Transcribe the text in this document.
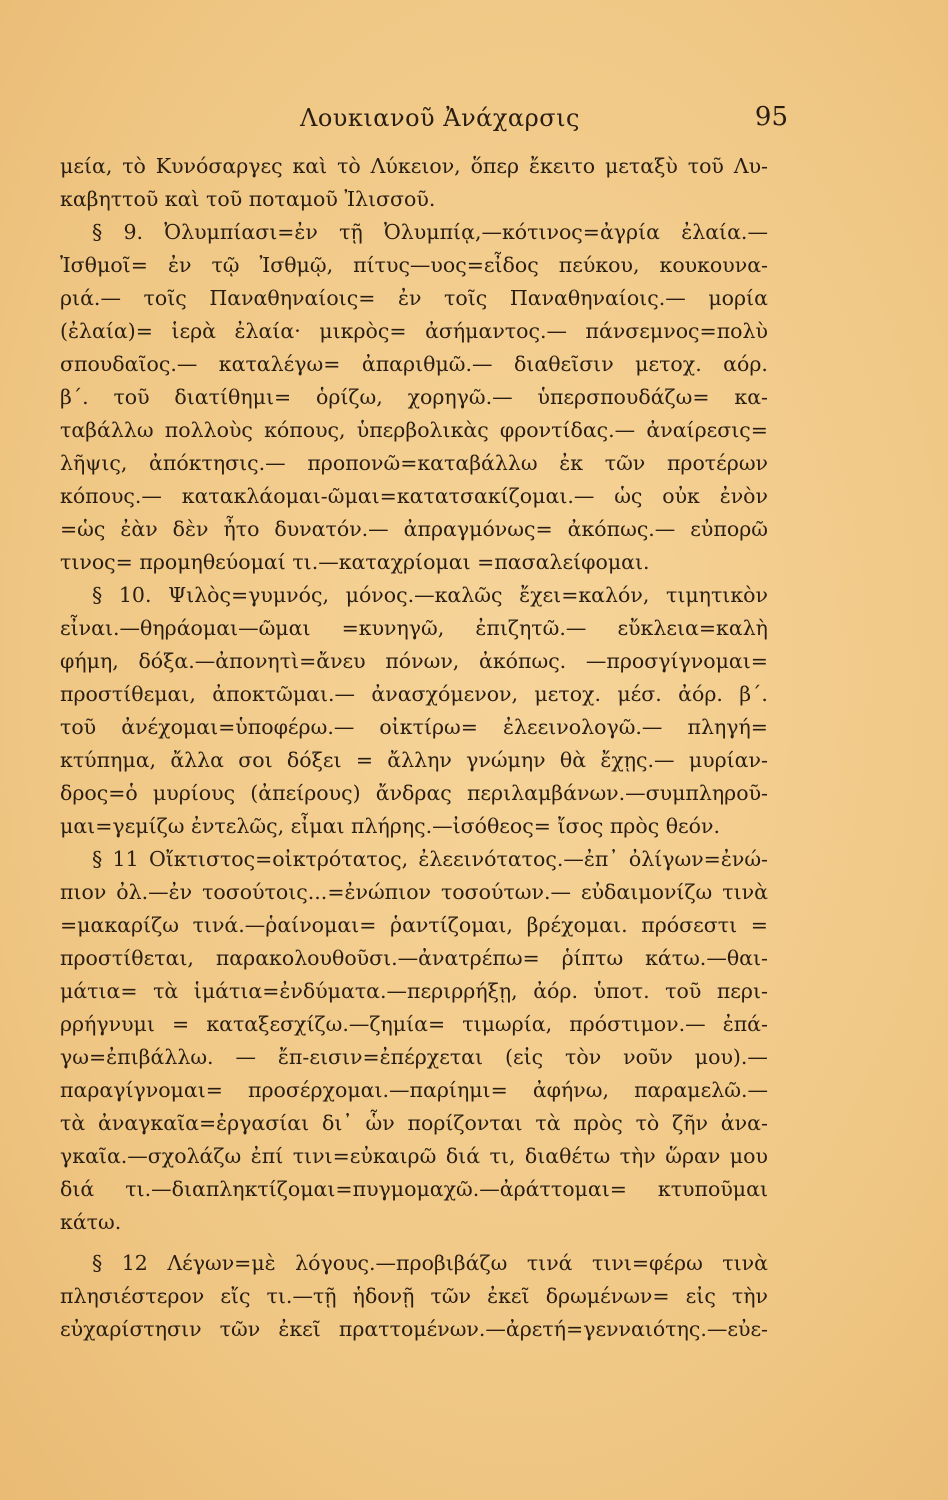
Λουκιανοῦ Ἀνάχαρσις	95
μεία, τὸ Κυνόσαργες καὶ τὸ Λύκειον, ὅπερ ἔκειτο μεταξὺ τοῦ Λυ-
καβηττοῦ καὶ τοῦ ποταμοῦ Ἰλισσοῦ.
§ 9. Ὀλυμπίασι=ἐν τῇ Ὀλυμπίᾳ,—κότινος=ἀγρία ἐλαία.—
Ἰσθμοῖ= ἐν τῷ Ἰσθμῷ, πίτυς—υος=εἶδος πεύκου, κουκουνα-
ριά.— τοῖς Παναθηναίοις= ἐν τοῖς Παναθηναίοις.— μορία
(ἐλαία)= ἱερὰ ἐλαία· μικρὸς= ἀσήμαντος.— πάνσεμνος=πολὺ
σπουδαῖος.— καταλέγω= ἀπαριθμῶ.— διαθεῖσιν μετοχ. αόρ.
β΄. τοῦ διατίθημι= ὁρίζω, χορηγῶ.— ὑπερσπουδάζω= κα-
ταβάλλω πολλοὺς κόπους, ὑπερβολικὰς φροντίδας.— ἀναίρεσις=
λῆψις, ἀπόκτησις.— προπονῶ=καταβάλλω ἐκ τῶν προτέρων
κόπους.— κατακλάομαι-ῶμαι=κατατσακίζομαι.— ὡς οὐκ ἐνὸν
=ὡς ἐὰν δὲν ἦτο δυνατόν.— ἀπραγμόνως= ἀκόπως.— εὐπορῶ
τινος= προμηθεύομαί τι.—καταχρίομαι =πασαλείφομαι.
§ 10. Ψιλὸς=γυμνός, μόνος.—καλῶς ἔχει=καλόν, τιμητικὸν
εἶναι.—θηράομαι—ῶμαι =κυνηγῶ, ἐπιζητῶ.— εὔκλεια=καλὴ
φήμη, δόξα.—ἀπονητὶ=ἄνευ πόνων, ἀκόπως. —προσγίγνομαι=
προστίθεμαι, ἀποκτῶμαι.— ἀνασχόμενον, μετοχ. μέσ. ἀόρ. β΄.
τοῦ ἀνέχομαι=ὑποφέρω.— οἰκτίρω= ἐλεεινολογῶ.— πληγή=
κτύπημα, ἄλλα σοι δόξει = ἄλλην γνώμην θὰ ἔχῃς.— μυρίαν-
δρος=ὁ μυρίους (ἀπείρους) ἄνδρας περιλαμβάνων.—συμπληροῦ-
μαι=γεμίζω ἐντελῶς, εἶμαι πλήρης.—ἰσόθεος= ἴσος πρὸς θεόν.
§ 11 Οἴκτιστος=οἰκτρότατος, ἐλεεινότατος.—ἐπ᾽ ὀλίγων=ἐνώ-
πιον ὀλ.—ἐν τοσούτοις...=ἐνώπιον τοσούτων.— εὐδαιμονίζω τινὰ
=μακαρίζω τινά.—ῥαίνομαι= ῥαντίζομαι, βρέχομαι. πρόσεστι =
προστίθεται, παρακολουθοῦσι.—ἀνατρέπω= ῥίπτω κάτω.—θαι-
μάτια= τὰ ἱμάτια=ἐνδύματα.—περιρρήξῃ, ἀόρ. ὑποτ. τοῦ περι-
ρρήγνυμι = καταξεσχίζω.—ζημία= τιμωρία, πρόστιμον.— ἐπά-
γω=ἐπιβάλλω. — ἔπ-εισιν=ἐπέρχεται (εἰς τὸν νοῦν μου).—
παραγίγνομαι= προσέρχομαι.—παρίημι= ἀφήνω, παραμελῶ.—
τὰ ἀναγκαῖα=ἐργασίαι δι᾽ ὧν πορίζονται τὰ πρὸς τὸ ζῆν ἀνα-
γκαῖα.—σχολάζω ἐπί τινι=εὐκαιρῶ διά τι, διαθέτω τὴν ὥραν μου
διά τι.—διαπληκτίζομαι=πυγμομαχῶ.—ἀράττομαι= κτυποῦμαι
κάτω.
§ 12 Λέγων=μὲ λόγους.—προβιβάζω τινά τινι=φέρω τινὰ
πλησιέστερον εἴς τι.—τῇ ἡδονῇ τῶν ἐκεῖ δρωμένων= εἰς τὴν
εὐχαρίστησιν τῶν ἐκεῖ πραττομένων.—ἀρετή=γενναιότης.—εὐε-
